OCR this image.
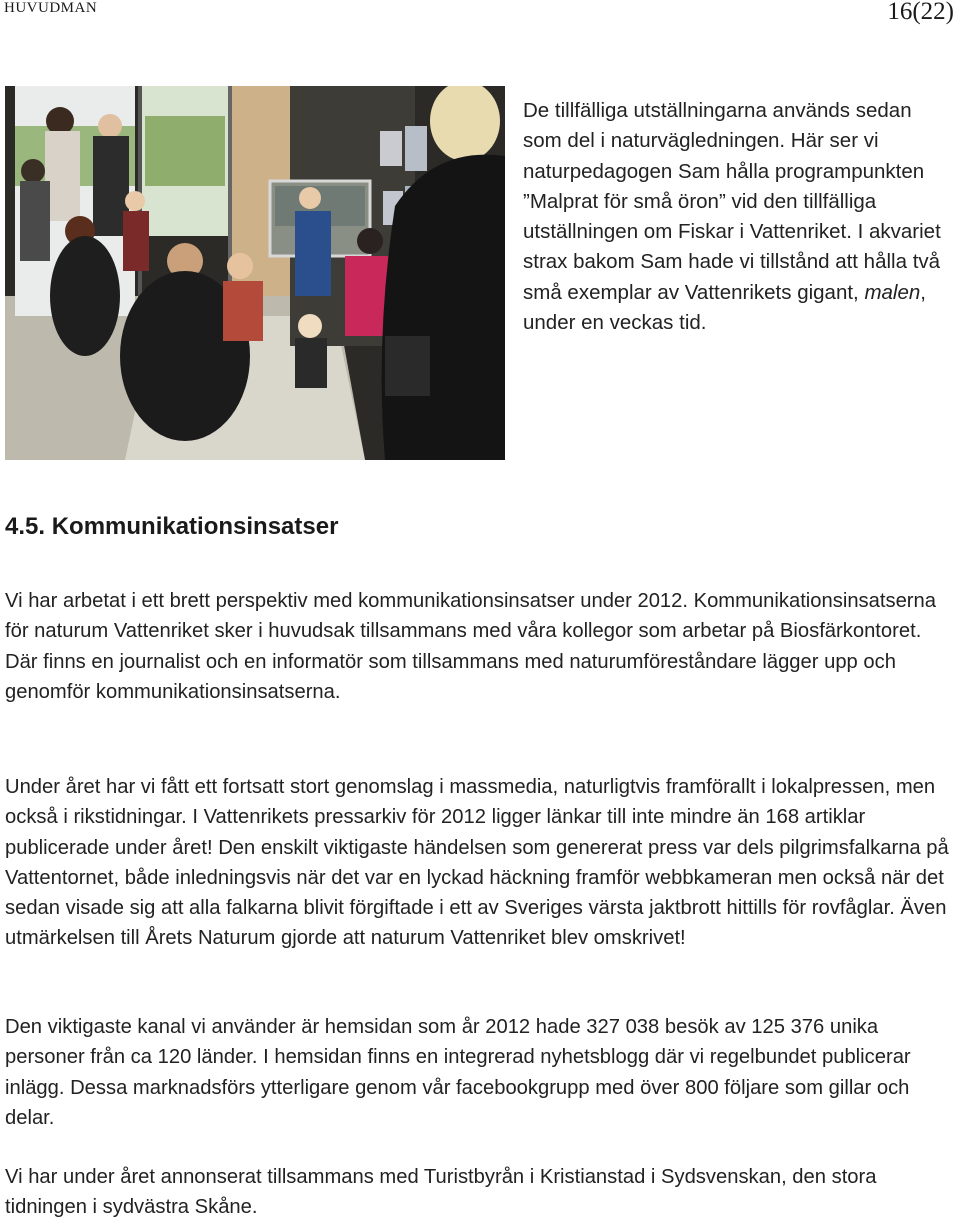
HUVUDMAN	16(22)

De tillfälliga utställningarna används sedan som del i naturvägledningen. Här ser vi naturpedagogen Sam hålla programpunkten ”Malprat för små öron” vid den tillfälliga utställningen om Fiskar i Vattenriket. I akvariet strax bakom Sam hade vi tillstånd att hålla två små exemplar av Vattenrikets gigant, malen, under en veckas tid.

4.5. Kommunikationsinsatser

Vi har arbetat i ett brett perspektiv med kommunikationsinsatser under 2012. Kommunikationsinsatserna för naturum Vattenriket sker i huvudsak tillsammans med våra kollegor som arbetar på Biosfärkontoret. Där finns en journalist och en informatör som tillsammans med naturumföreståndare lägger upp och genomför kommunikationsinsatserna.

Under året har vi fått ett fortsatt stort genomslag i massmedia, naturligtvis framförallt i lokalpressen, men också i rikstidningar. I Vattenrikets pressarkiv för 2012 ligger länkar till inte mindre än 168 artiklar publicerade under året! Den enskilt viktigaste händelsen som genererat press var dels pilgrimsfalkarna på Vattentornet, både inledningsvis när det var en lyckad häckning framför webbkameran men också när det sedan visade sig att alla falkarna blivit förgiftade i ett av Sveriges värsta jaktbrott hittills för rovfåglar. Även utmärkelsen till Årets Naturum gjorde att naturum Vattenriket blev omskrivet!

Den viktigaste kanal vi använder är hemsidan som år 2012 hade 327 038 besök av 125 376 unika personer från ca 120 länder. I hemsidan finns en integrerad nyhetsblogg där vi regelbundet publicerar inlägg. Dessa marknadsförs ytterligare genom vår facebookgrupp med över 800 följare som gillar och delar.

Vi har under året annonserat tillsammans med Turistbyrån i Kristianstad i Sydsvenskan, den stora tidningen i sydvästra Skåne.
